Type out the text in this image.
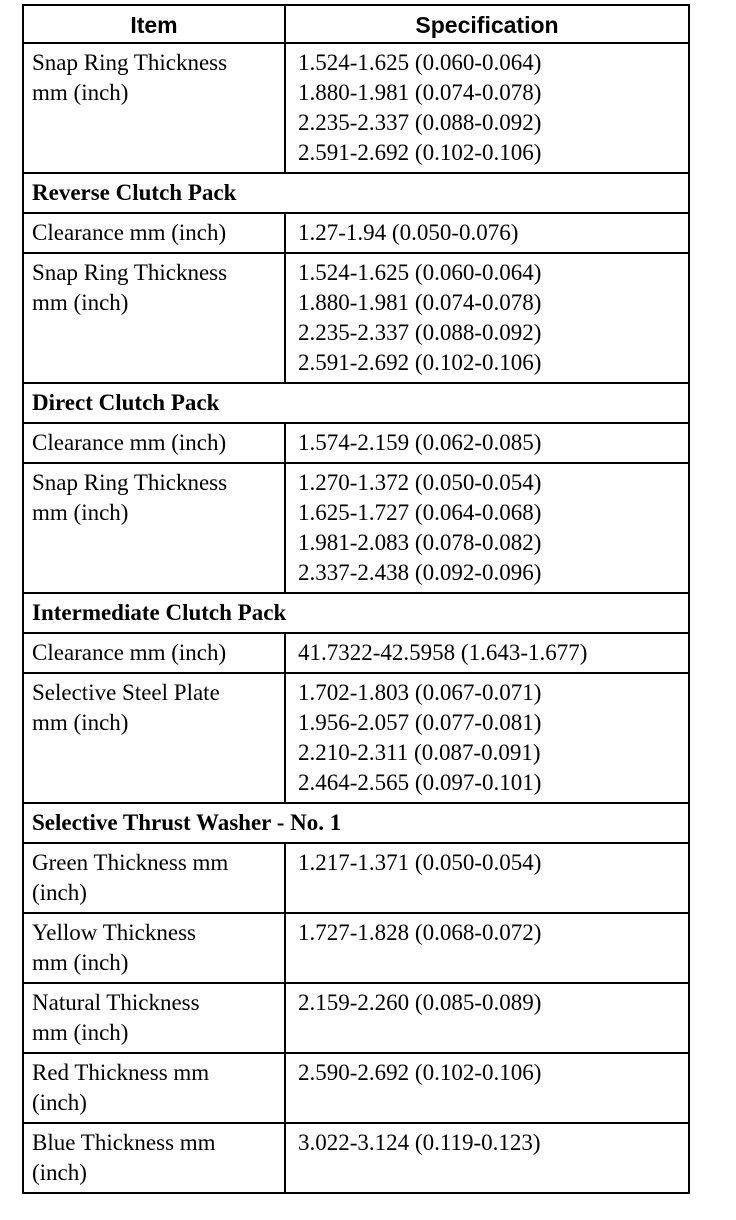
Item	Specification

Snap Ring Thickness
mm (inch)	1.524-1.625 (0.060-0.064)
1.880-1.981 (0.074-0.078)
2.235-2.337 (0.088-0.092)
2.591-2.692 (0.102-0.106)

Reverse Clutch Pack	

Clearance mm (inch)	1.27-1.94 (0.050-0.076)

Snap Ring Thickness
mm (inch)	1.524-1.625 (0.060-0.064)
1.880-1.981 (0.074-0.078)
2.235-2.337 (0.088-0.092)
2.591-2.692 (0.102-0.106)

Direct Clutch Pack	

Clearance mm (inch)	1.574-2.159 (0.062-0.085)

Snap Ring Thickness
mm (inch)	1.270-1.372 (0.050-0.054)
1.625-1.727 (0.064-0.068)
1.981-2.083 (0.078-0.082)
2.337-2.438 (0.092-0.096)

Intermediate Clutch Pack	

Clearance mm (inch)	41.7322-42.5958 (1.643-1.677)

Selective Steel Plate
mm (inch)	1.702-1.803 (0.067-0.071)
1.956-2.057 (0.077-0.081)
2.210-2.311 (0.087-0.091)
2.464-2.565 (0.097-0.101)

Selective Thrust Washer - No. 1	

Green Thickness mm
(inch)	1.217-1.371 (0.050-0.054)

Yellow Thickness
mm (inch)	1.727-1.828 (0.068-0.072)

Natural Thickness
mm (inch)	2.159-2.260 (0.085-0.089)

Red Thickness mm
(inch)	2.590-2.692 (0.102-0.106)

Blue Thickness mm
(inch)	3.022-3.124 (0.119-0.123)
